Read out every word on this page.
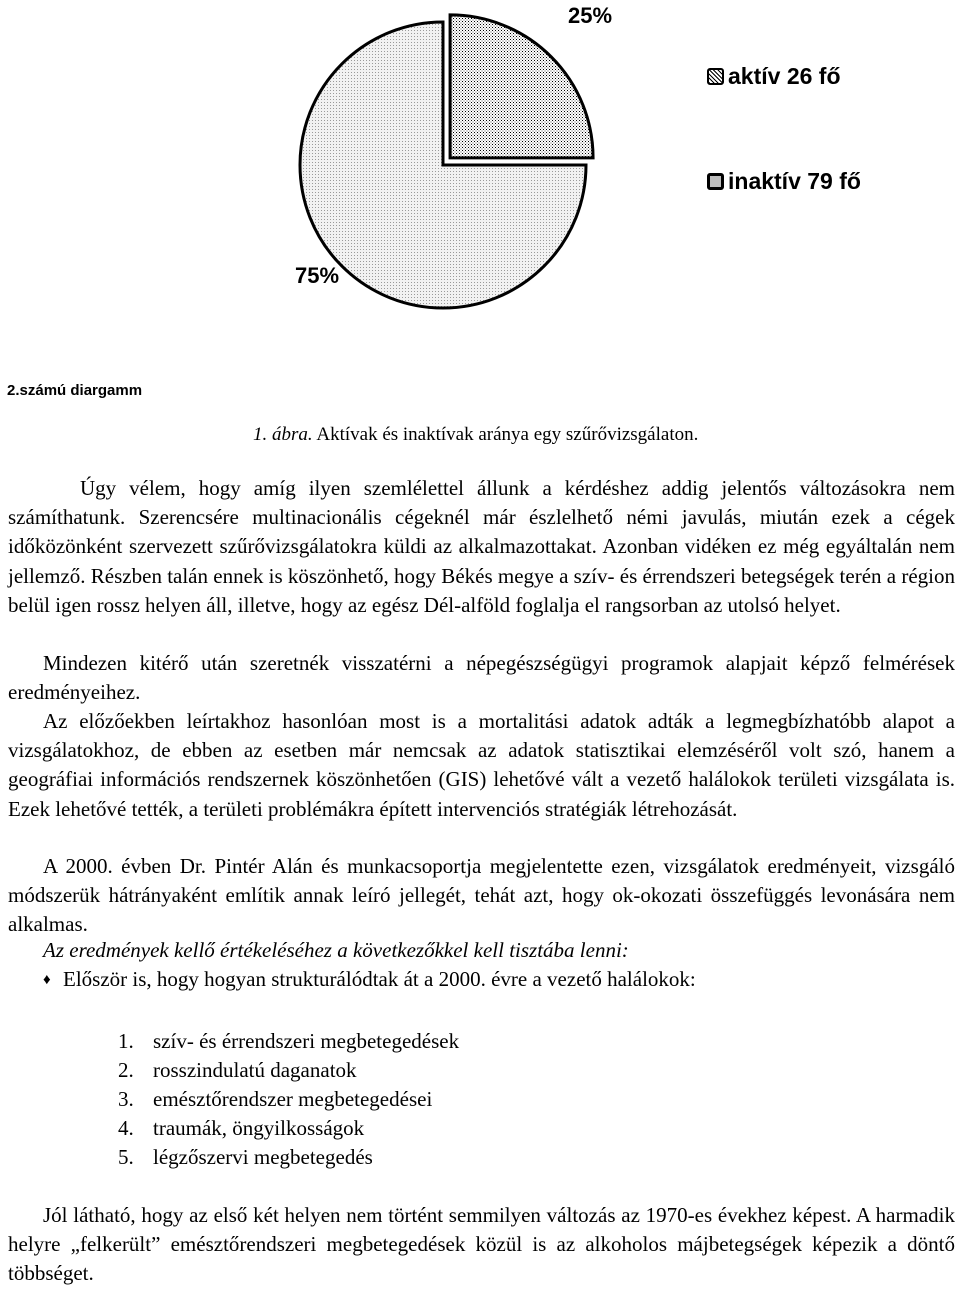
25%
75%
aktív 26 fő
inaktív 79 fő
2.számú diargamm
1. ábra. Aktívak és inaktívak aránya egy szűrővizsgálaton.

Úgy vélem, hogy amíg ilyen szemlélettel állunk a kérdéshez addig jelentős változásokra nem számíthatunk. Szerencsére multinacionális cégeknél már észlelhető némi javulás, miután ezek a cégek időközönként szervezett szűrővizsgálatokra küldi az alkalmazottakat. Azonban vidéken ez még egyáltalán nem jellemző. Részben talán ennek is köszönhető, hogy Békés megye a szív- és érrendszeri betegségek terén a région belül igen rossz helyen áll, illetve, hogy az egész Dél-alföld foglalja el rangsorban az utolsó helyet.

Mindezen kitérő után szeretnék visszatérni a népegészségügyi programok alapjait képző felmérések eredményeihez.

Az előzőekben leírtakhoz hasonlóan most is a mortalitási adatok adták a legmegbízhatóbb alapot a vizsgálatokhoz, de ebben az esetben már nemcsak az adatok statisztikai elemzéséről volt szó, hanem a geográfiai információs rendszernek köszönhetően (GIS) lehetővé vált a vezető halálokok területi vizsgálata is. Ezek lehetővé tették, a területi problémákra épített intervenciós stratégiák létrehozását.

A 2000. évben Dr. Pintér Alán és munkacsoportja megjelentette ezen, vizsgálatok eredményeit, vizsgáló módszerük hátrányaként említik annak leíró jellegét, tehát azt, hogy ok-okozati összefüggés levonására nem alkalmas.

Az eredmények kellő értékeléséhez a következőkkel kell tisztába lenni:
♦ Először is, hogy hogyan strukturálódtak át a 2000. évre a vezető halálokok:
1. szív- és érrendszeri megbetegedések
2. rosszindulatú daganatok
3. emésztőrendszer megbetegedései
4. traumák, öngyilkosságok
5. légzőszervi megbetegedés

Jól látható, hogy az első két helyen nem történt semmilyen változás az 1970-es évekhez képest. A harmadik helyre „felkerült” emésztőrendszeri megbetegedések közül is az alkoholos májbetegségek képezik a döntő többséget.
